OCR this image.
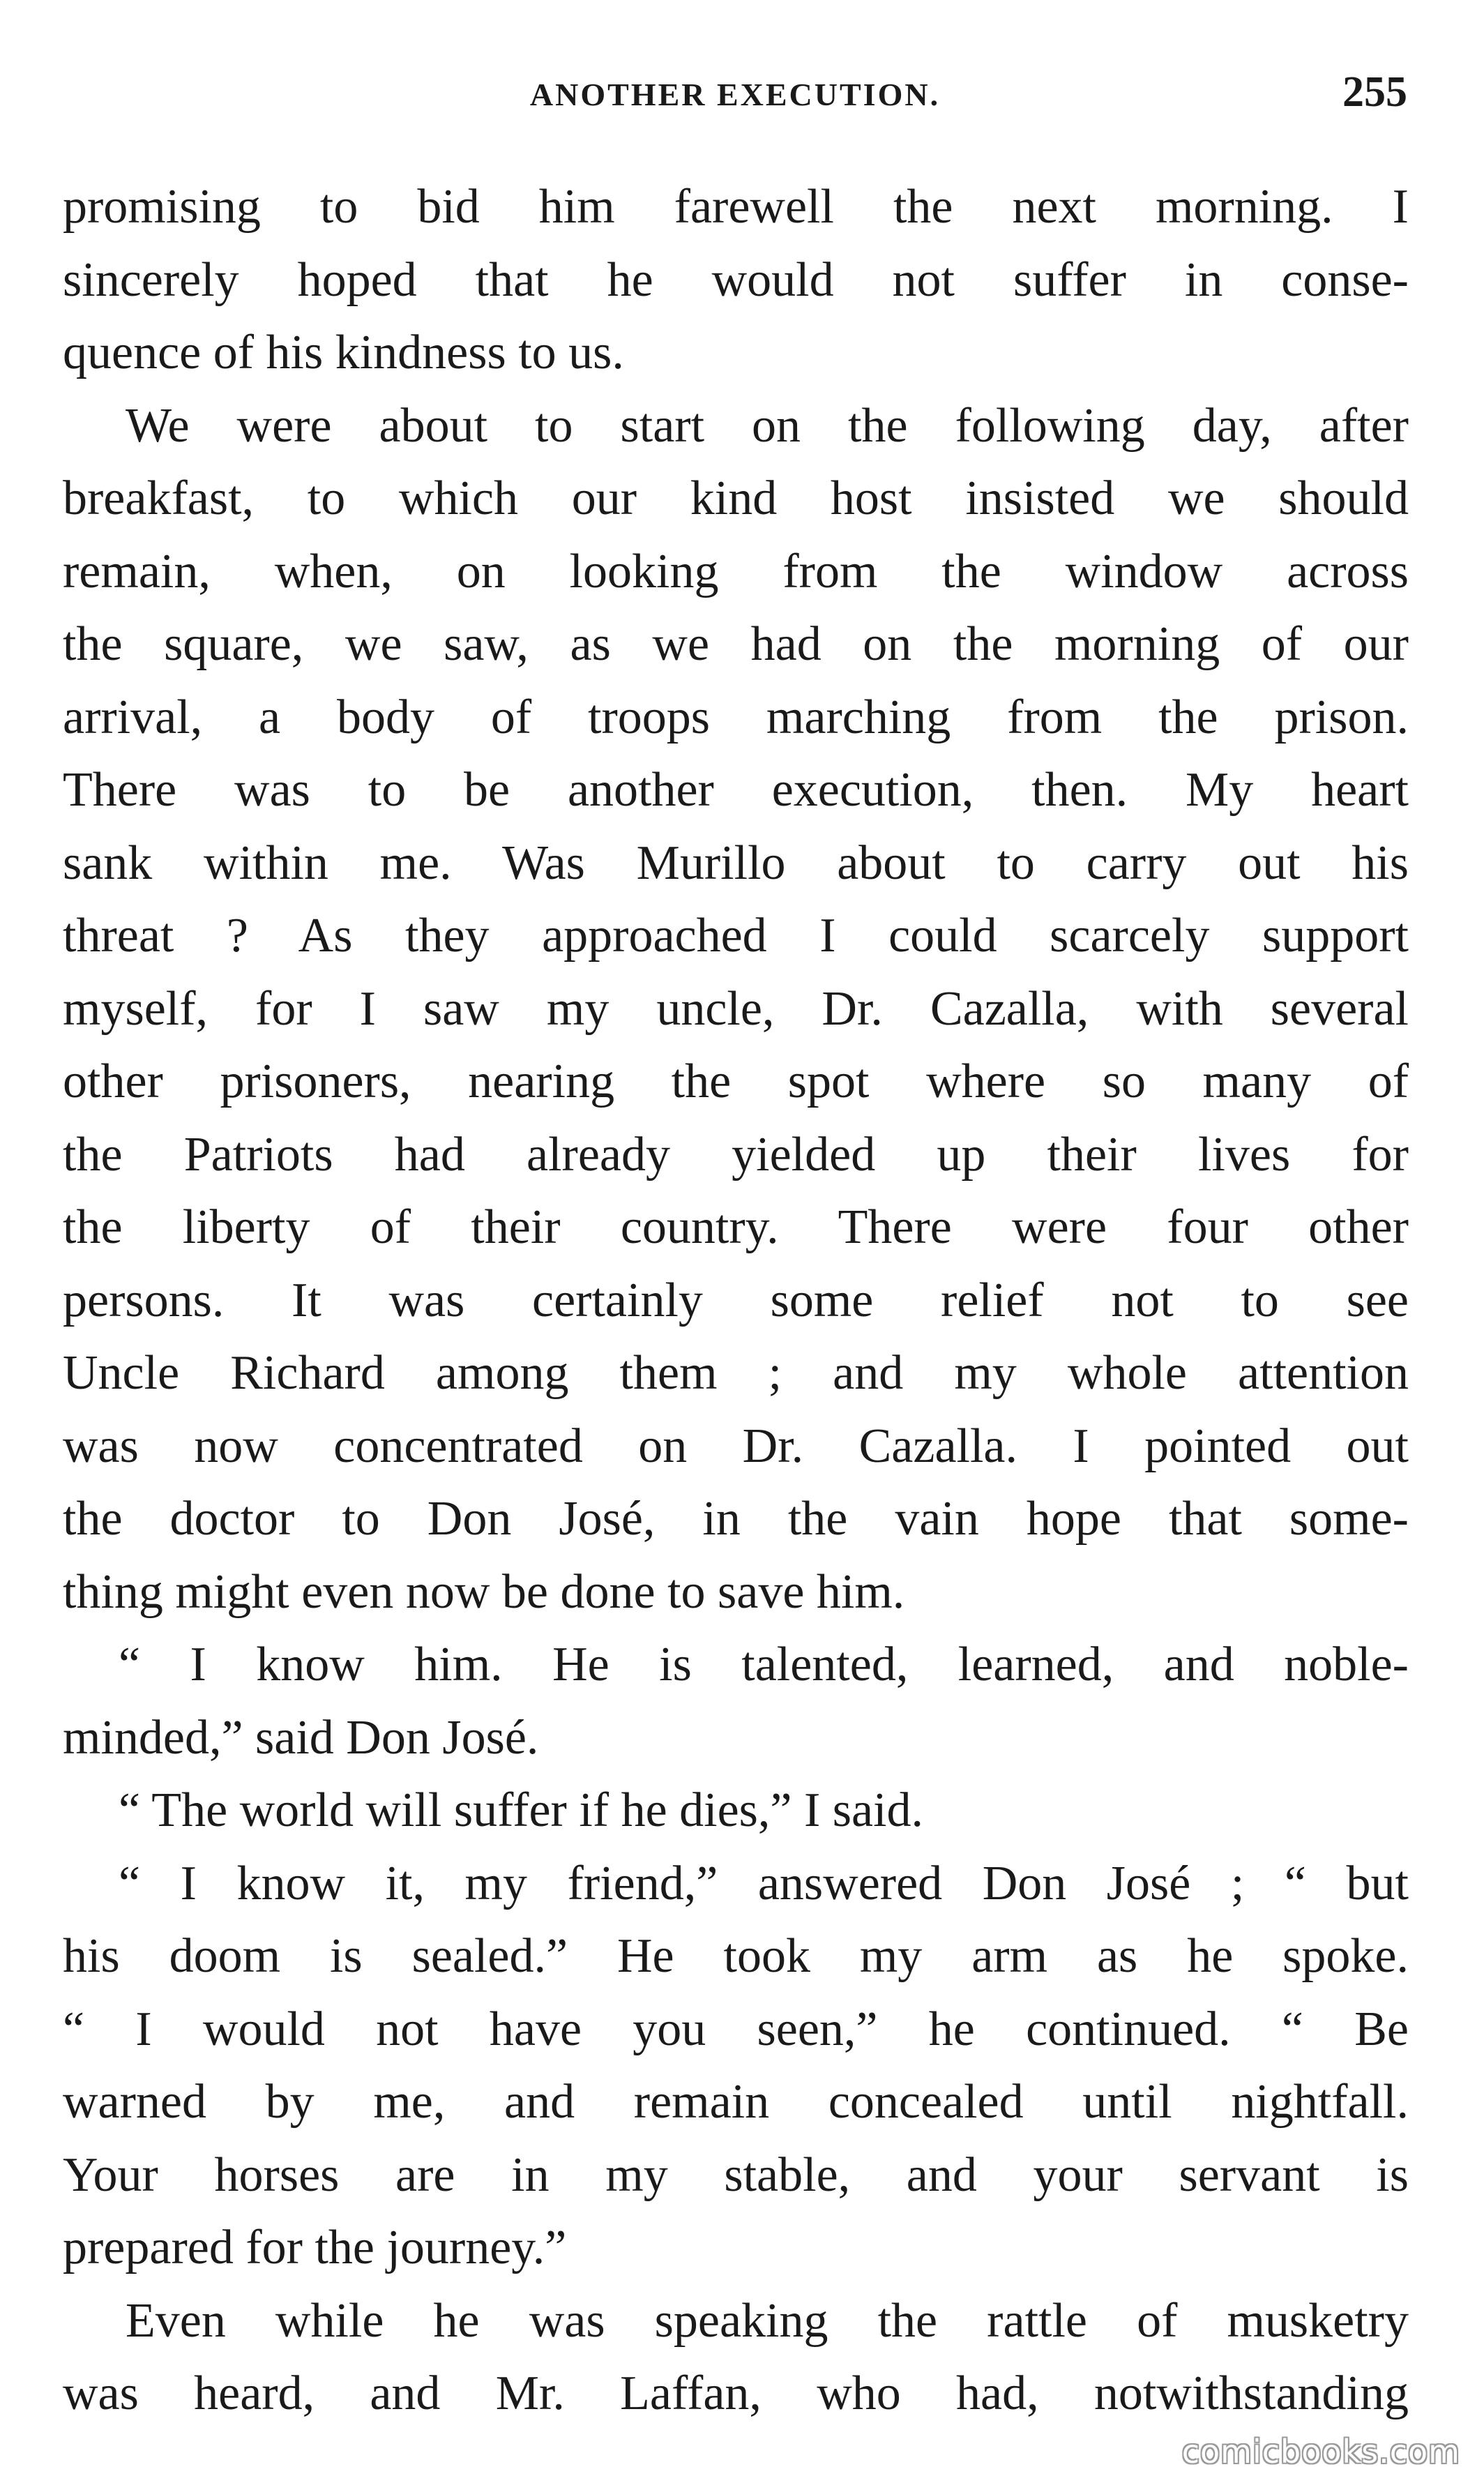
ANOTHER EXECUTION.	255
promising to bid him farewell the next morning. I
sincerely hoped that he would not suffer in conse-
quence of his kindness to us.
We were about to start on the following day, after
breakfast, to which our kind host insisted we should
remain, when, on looking from the window across
the square, we saw, as we had on the morning of our
arrival, a body of troops marching from the prison.
There was to be another execution, then. My heart
sank within me. Was Murillo about to carry out his
threat ? As they approached I could scarcely support
myself, for I saw my uncle, Dr. Cazalla, with several
other prisoners, nearing the spot where so many of
the Patriots had already yielded up their lives for
the liberty of their country. There were four other
persons. It was certainly some relief not to see
Uncle Richard among them ; and my whole attention
was now concentrated on Dr. Cazalla. I pointed out
the doctor to Don José, in the vain hope that some-
thing might even now be done to save him.
“ I know him. He is talented, learned, and noble-
minded,” said Don José.
“ The world will suffer if he dies,” I said.
“ I know it, my friend,” answered Don José ; “ but
his doom is sealed.” He took my arm as he spoke.
“ I would not have you seen,” he continued. “ Be
warned by me, and remain concealed until nightfall.
Your horses are in my stable, and your servant is
prepared for the journey.”
Even while he was speaking the rattle of musketry
was heard, and Mr. Laffan, who had, notwithstanding
comicbooks.com
